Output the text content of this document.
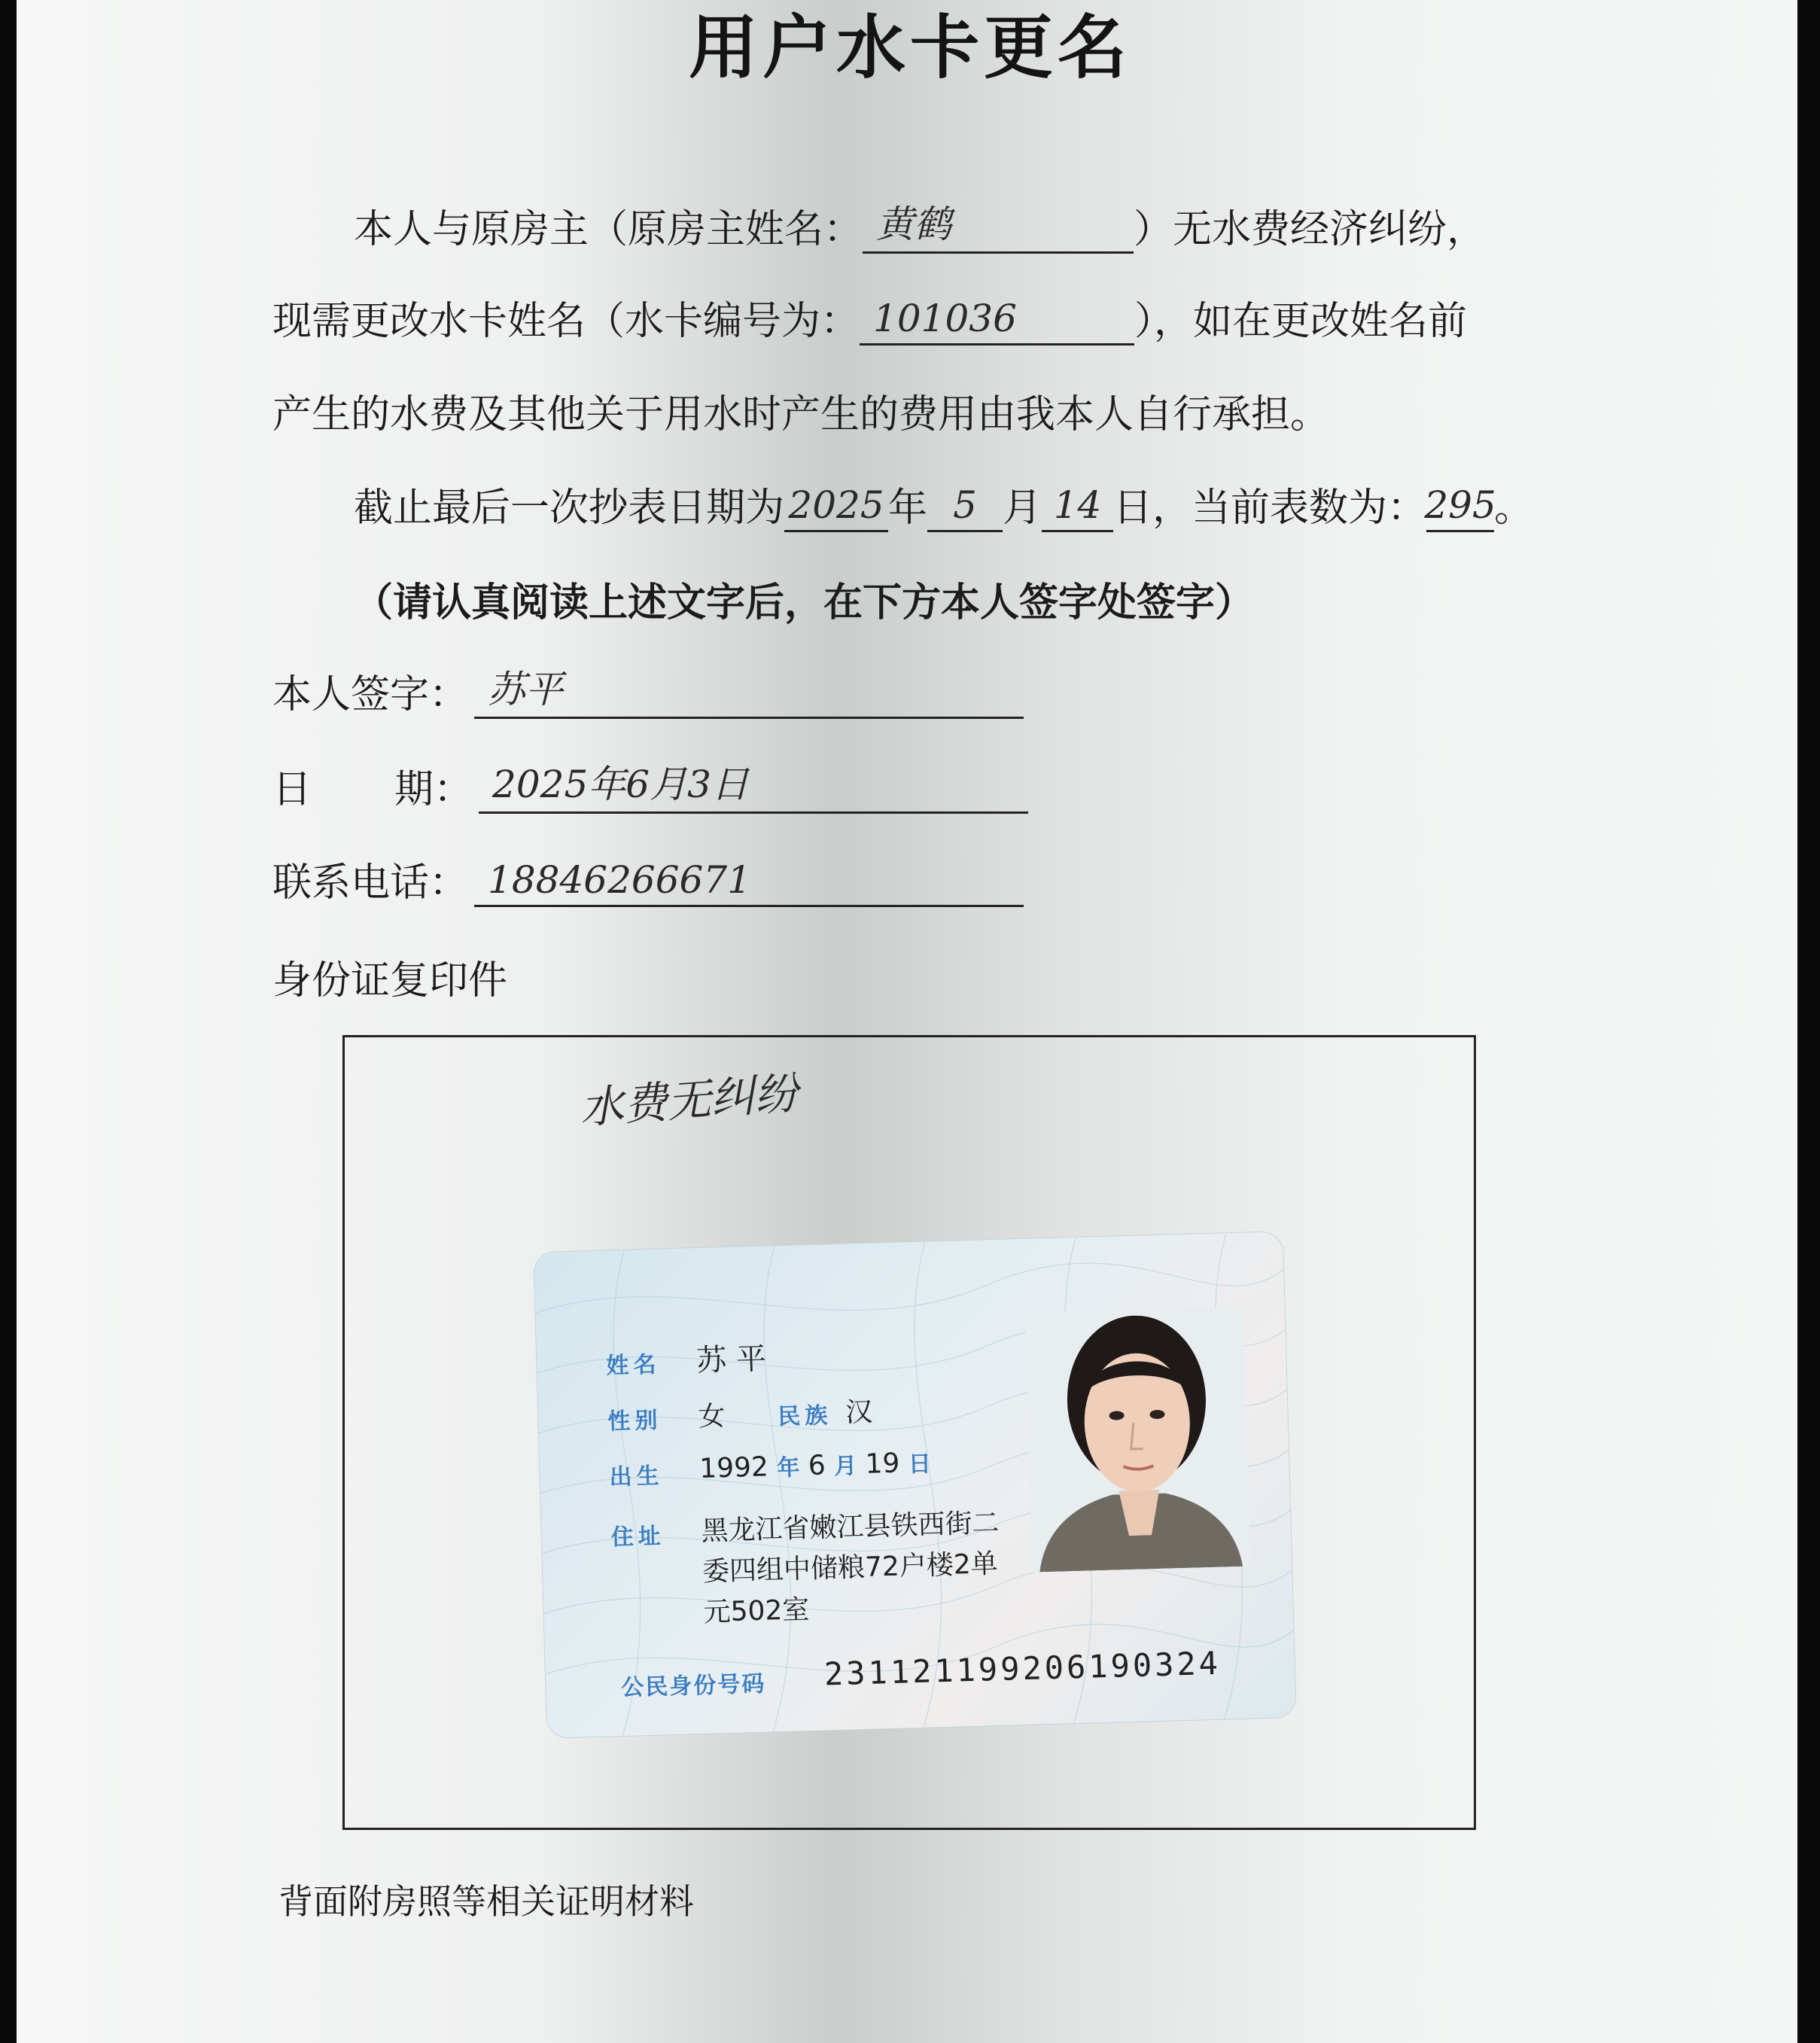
用户水卡更名
本人与原房主（原房主姓名： 黄鹤	）无水费经济纠纷，
现需更改水卡姓名（水卡编号为： 101036	），如在更改姓名前
产生的水费及其他关于用水时产生的费用由我本人自行承担。
截止最后一次抄表日期为 2025 年 5 月 14 日，当前表数为：
295
。
（请认真阅读上述文字后，在下方本人签字处签字）
本人签字： 苏平
日 期： 2025年6月3日
联系电话： 18846266671
身份证复印件
水费无纠纷
姓名 苏 平
性别 女 民族 汉
出生 1992 年 6 月 19 日
住址 黑龙江省嫩江县铁西街二
委四组中储粮72户楼2单
元502室
公民身份号码 231121199206190324
背面附房照等相关证明材料
